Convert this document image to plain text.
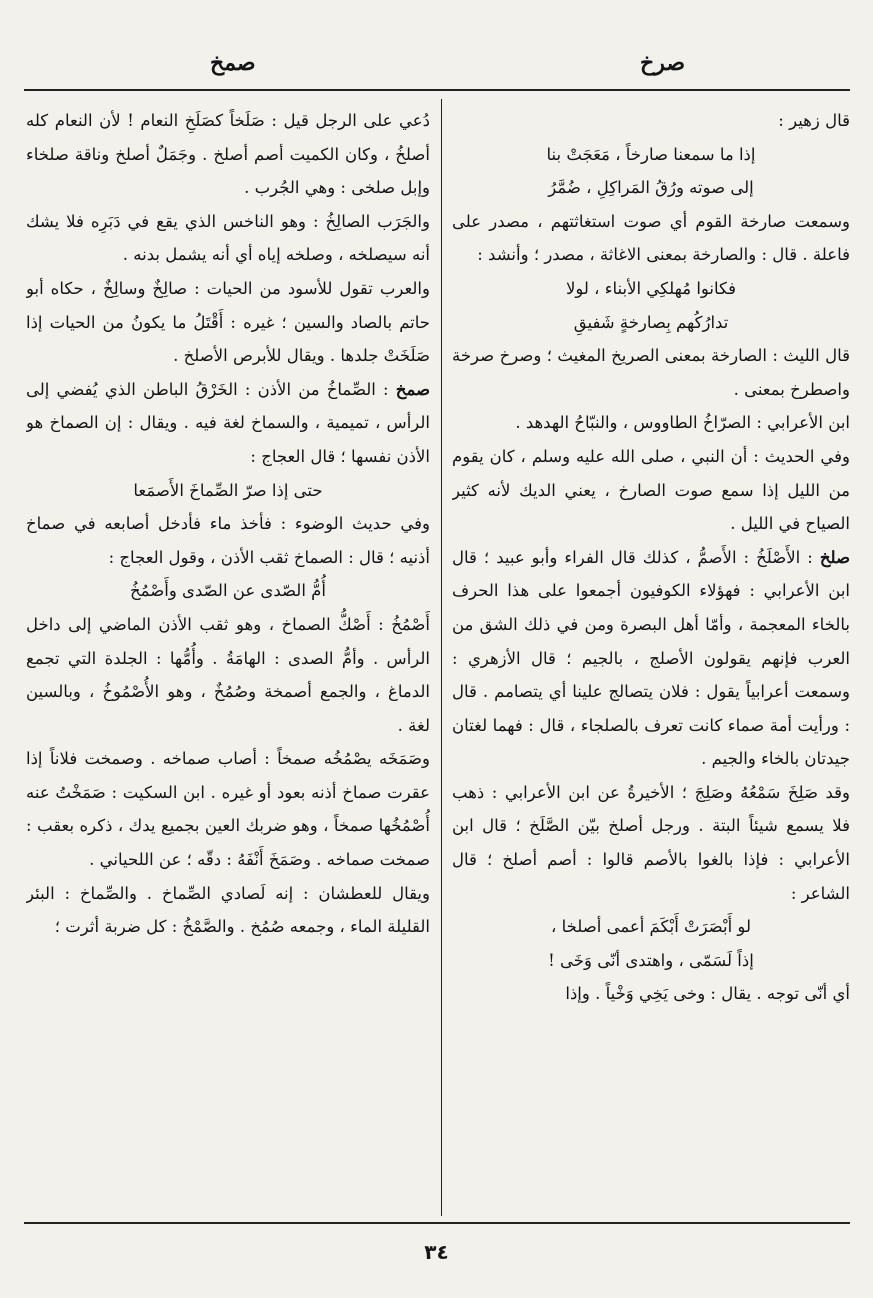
صمخ	صرخ

قال زهير :

إذا ما سمعنا صارخاً ، مَعَجَتْ بنا

إلى صوته ورُقُ المَراكِلِ ، ضُمَّرُ

وسمعت صارخة القوم أي صوت استغاثتهم ، مصدر على فاعلة . قال : والصارخة بمعنى الاغاثة ، مصدر ؛ وأنشد :

فكانوا مُهلكِي الأبناء ، لولا

تدارُكُهم بِصارخةٍ شَفيقِ

قال الليث : الصارخة بمعنى الصريخ المغيث ؛ وصرخ صرخة واصطرخ بمعنى .

ابن الأعرابي : الصرّاخُ الطاووس ، والنبّاحُ الهدهد .

وفي الحديث : أن النبي ، صلى الله عليه وسلم ، كان يقوم من الليل إذا سمع صوت الصارخ ، يعني الديك لأنه كثير الصياح في الليل .

صلخ : الأَصْلَخُ : الأَصمُّ ، كذلك قال الفراء وأبو عبيد ؛ قال ابن الأعرابي : فهؤلاء الكوفيون أجمعوا على هذا الحرف بالخاء المعجمة ، وأمّا أهل البصرة ومن في ذلك الشق من العرب فإنهم يقولون الأصلج ، بالجيم ؛ قال الأزهري : وسمعت أعرابياً يقول : فلان يتصالج علينا أي يتصامم . قال : ورأيت أمة صماء كانت تعرف بالصلجاء ، قال : فهما لغتان جيدتان بالخاء والجيم .

وقد صَلِخَ سَمْعُهُ وصَلِجَ ؛ الأخيرةُ عن ابن الأعرابي : ذهب فلا يسمع شيئاً البتة . ورجل أصلخ بيّن الصَّلَخ ؛ قال ابن الأعرابي : فإذا بالغوا بالأصم قالوا : أصم أصلخ ؛ قال الشاعر :

لو أَبْصَرَتْ أَبْكَمَ أعمى أصلخا ،

إذاً لَسَمّى ، واهتدى أنّى وَخَى !

أي أنّى توجه . يقال : وخى يَخِي وَخْياً . وإذا

دُعي على الرجل قيل : صَلَخاً كصَلَخِ النعام ! لأن النعام كله أصلخُ ، وكان الكميت أصم أصلخ . وجَمَلٌ أصلخ وناقة صلخاء وإبل صلخى : وهي الجُرب .

والجَرَب الصالِخُ : وهو الناخس الذي يقع في دَبَرِه فلا يشك أنه سيصلخه ، وصلخه إياه أي أنه يشمل بدنه .

والعرب تقول للأسود من الحيات : صالِخٌ وسالِخٌ ، حكاه أبو حاتم بالصاد والسين ؛ غيره : أَقْتَلُ ما يكونُ من الحيات إذا صَلَخَتْ جلدها . ويقال للأبرص الأصلخ .

صمخ : الصِّماخُ من الأذن : الخَرْقُ الباطن الذي يُفضي إلى الرأس ، تميمية ، والسماخ لغة فيه . ويقال : إن الصماخ هو الأذن نفسها ؛ قال العجاج :

حتى إذا صرّ الصِّماخَ الأَصمَعا

وفي حديث الوضوء : فأخذ ماء فأدخل أصابعه في صماخ أذنيه ؛ قال : الصماخ ثقب الأذن ، وقول العجاج :

أُمُّ الصّدى عن الصّدى وأَصْمُخُ

أَصْمُخُ : أَصْكُّ الصماخ ، وهو ثقب الأذن الماضي إلى داخل الرأس . وأمُّ الصدى : الهامَةُ . وأُمُّها : الجلدة التي تجمع الدماغ ، والجمع أصمخة وصُمُخٌ ، وهو الأُصْمُوخُ ، وبالسين لغة .

وصَمَخَه يصْمُخُه صمخاً : أصاب صماخه . وصمخت فلاناً إذا عقرت صماخ أذنه بعود أو غيره . ابن السكيت : صَمَخْتُ عنه أُصْمُخُها صمخاً ، وهو ضربك العين بجميع يدك ، ذكره بعقب : صمخت صماخه . وصَمَخَ أَنْفَهُ : دقّه ؛ عن اللحياني .

ويقال للعطشان : إنه لَصادي الصِّماخ . والصِّماخ : البئر القليلة الماء ، وجمعه صُمُخ . والصَّمْخُ : كل ضربة أثرت ؛

٣٤
